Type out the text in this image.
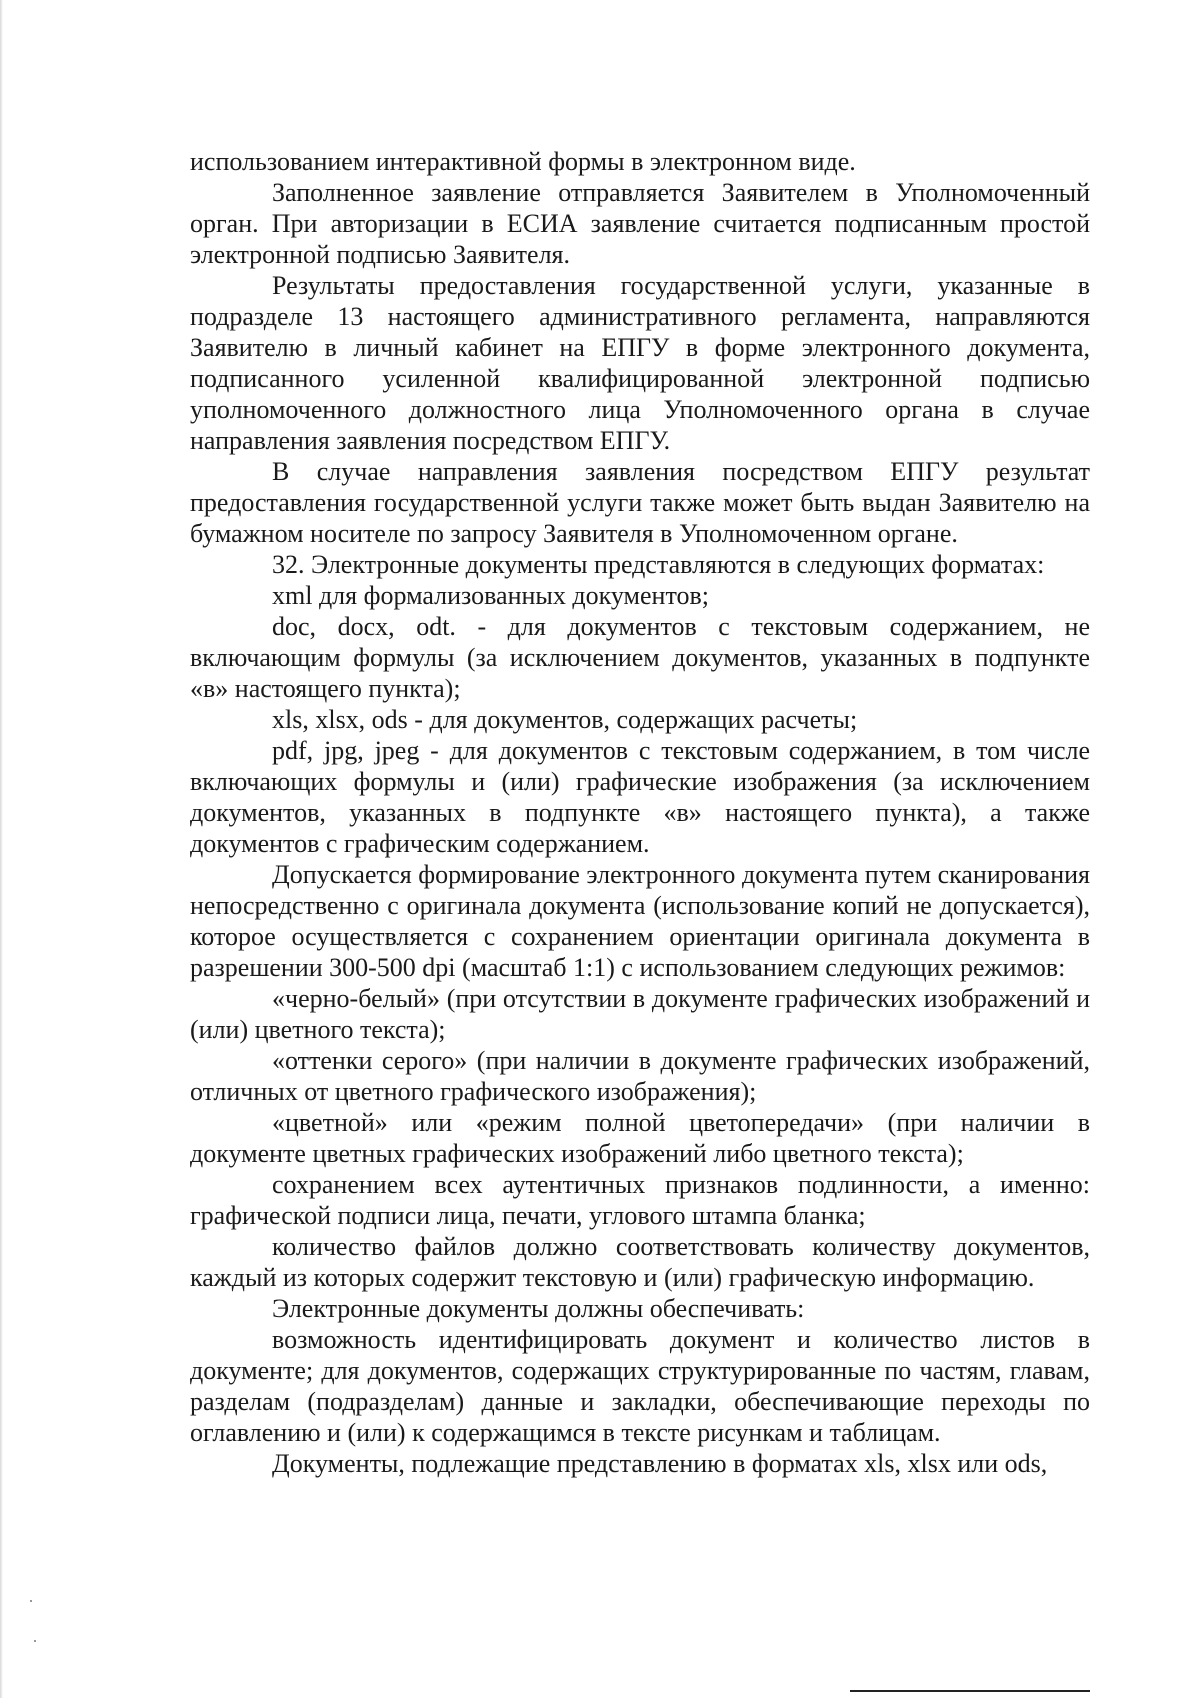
использованием интерактивной формы в электронном виде.

Заполненное заявление отправляется Заявителем в Уполномоченный орган. При авторизации в ЕСИА заявление считается подписанным простой электронной подписью Заявителя.

Результаты предоставления государственной услуги, указанные в подразделе 13 настоящего административного регламента, направляются Заявителю в личный кабинет на ЕПГУ в форме электронного документа, подписанного усиленной квалифицированной электронной подписью уполномоченного должностного лица Уполномоченного органа в случае направления заявления посредством ЕПГУ.

В случае направления заявления посредством ЕПГУ результат предоставления государственной услуги также может быть выдан Заявителю на бумажном носителе по запросу Заявителя в Уполномоченном органе.

32. Электронные документы представляются в следующих форматах:

xml для формализованных документов;

doc, docx, odt. - для документов с текстовым содержанием, не включающим формулы (за исключением документов, указанных в подпункте «в» настоящего пункта);

xls, xlsx, ods - для документов, содержащих расчеты;

pdf, jpg, jpeg - для документов с текстовым содержанием, в том числе включающих формулы и (или) графические изображения (за исключением документов, указанных в подпункте «в» настоящего пункта), а также документов с графическим содержанием.

Допускается формирование электронного документа путем сканирования непосредственно с оригинала документа (использование копий не допускается), которое осуществляется с сохранением ориентации оригинала документа в разрешении 300-500 dpi (масштаб 1:1) с использованием следующих режимов:

«черно-белый» (при отсутствии в документе графических изображений и (или) цветного текста);

«оттенки серого» (при наличии в документе графических изображений, отличных от цветного графического изображения);

«цветной» или «режим полной цветопередачи» (при наличии в документе цветных графических изображений либо цветного текста);

сохранением всех аутентичных признаков подлинности, а именно: графической подписи лица, печати, углового штампа бланка;

количество файлов должно соответствовать количеству документов, каждый из которых содержит текстовую и (или) графическую информацию.

Электронные документы должны обеспечивать:

возможность идентифицировать документ и количество листов в документе; для документов, содержащих структурированные по частям, главам, разделам (подразделам) данные и закладки, обеспечивающие переходы по оглавлению и (или) к содержащимся в тексте рисункам и таблицам.

Документы, подлежащие представлению в форматах xls, xlsx или ods,
